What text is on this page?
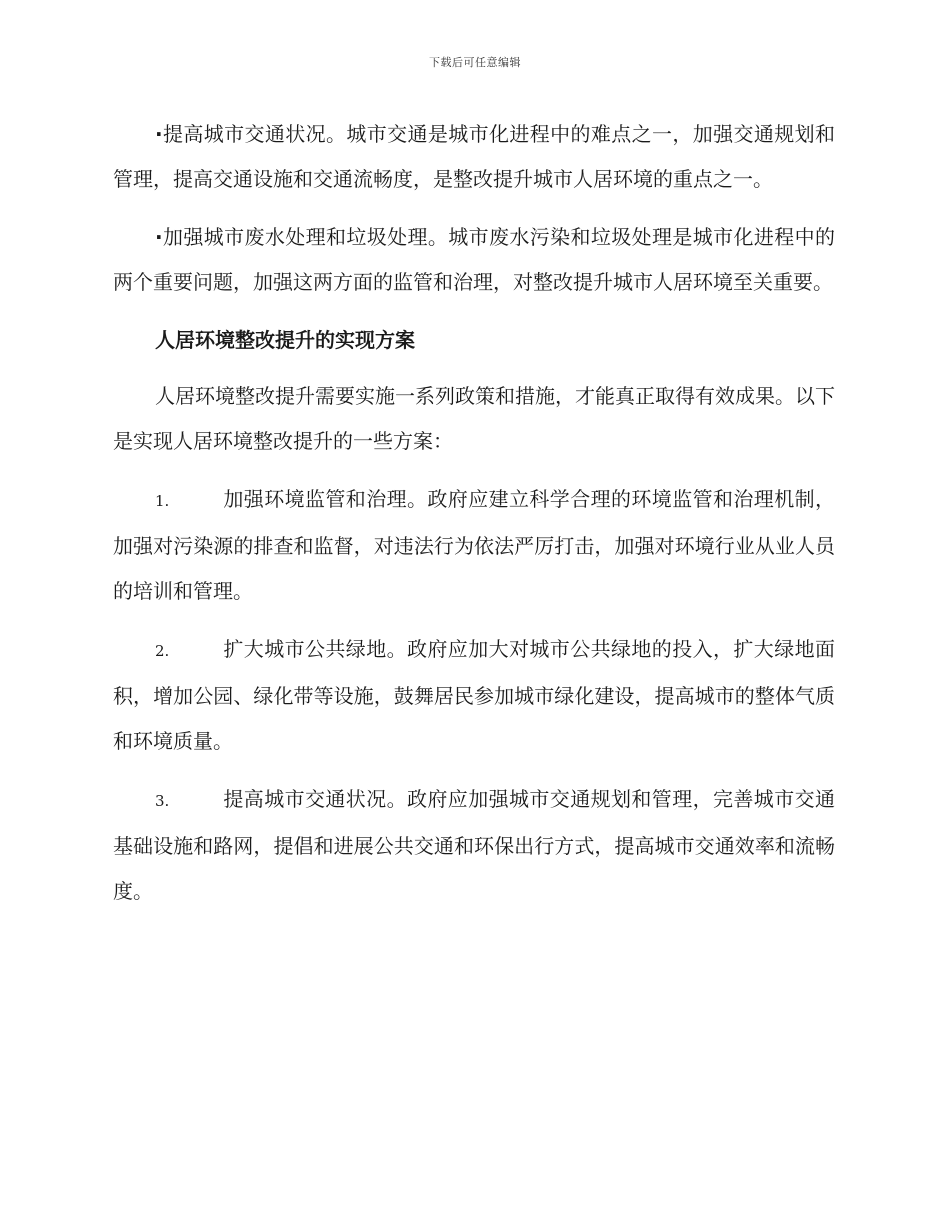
下载后可任意编辑

·提高城市交通状况。城市交通是城市化进程中的难点之一，加强交通规划和管理，提高交通设施和交通流畅度，是整改提升城市人居环境的重点之一。

·加强城市废水处理和垃圾处理。城市废水污染和垃圾处理是城市化进程中的两个重要问题，加强这两方面的监管和治理，对整改提升城市人居环境至关重要。

人居环境整改提升的实现方案

人居环境整改提升需要实施一系列政策和措施，才能真正取得有效成果。以下是实现人居环境整改提升的一些方案：

1.	加强环境监管和治理。政府应建立科学合理的环境监管和治理机制，加强对污染源的排查和监督，对违法行为依法严厉打击，加强对环境行业从业人员的培训和管理。

2.	扩大城市公共绿地。政府应加大对城市公共绿地的投入，扩大绿地面积，增加公园、绿化带等设施，鼓舞居民参加城市绿化建设，提高城市的整体气质和环境质量。

3.	提高城市交通状况。政府应加强城市交通规划和管理，完善城市交通基础设施和路网，提倡和进展公共交通和环保出行方式，提高城市交通效率和流畅度。
